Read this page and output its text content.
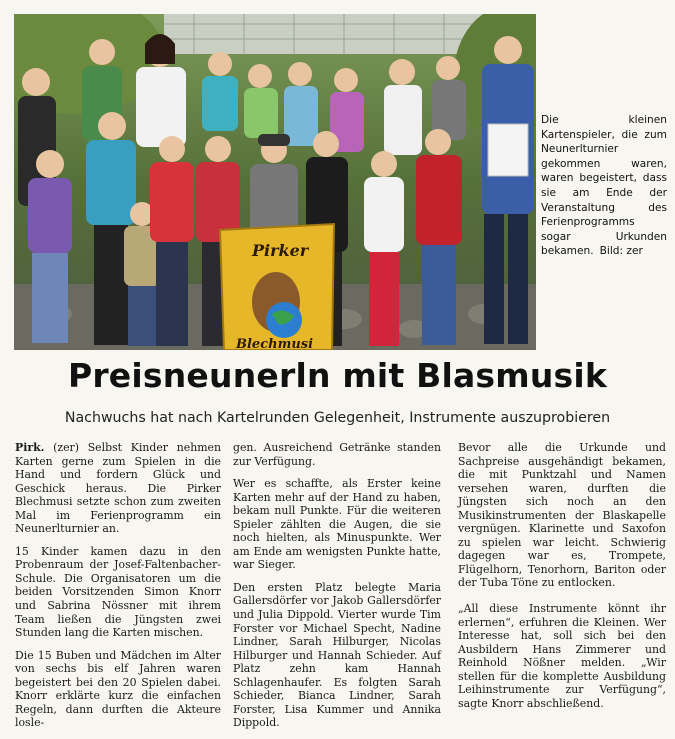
Pirker
Blechmusi
Die kleinen Kartenspieler, die zum Neunerlturnier gekommen waren, waren begeistert, dass sie am Ende der Veranstaltung des Ferienprogramms sogar Urkunden bekamen. Bild: zer
Preisneunerln mit Blasmusik
Nachwuchs hat nach Kartelrunden Gelegenheit, Instrumente auszuprobieren

Pirk. (zer) Selbst Kinder nehmen Karten gerne zum Spielen in die Hand und fordern Glück und Geschick heraus. Die Pirker Blechmusi setzte schon zum zweiten Mal im Ferienprogramm ein Neunerlturnier an.

15 Kinder kamen dazu in den Probenraum der Josef-Faltenbacher-Schule. Die Organisatoren um die beiden Vorsitzenden Simon Knorr und Sabrina Nössner mit ihrem Team ließen die Jüngsten zwei Stunden lang die Karten mischen.

Die 15 Buben und Mädchen im Alter von sechs bis elf Jahren waren begeistert bei den 20 Spielen dabei. Knorr erklärte kurz die einfachen Regeln, dann durften die Akteure losle-

gen. Ausreichend Getränke standen zur Verfügung.

Wer es schaffte, als Erster keine Karten mehr auf der Hand zu haben, bekam null Punkte. Für die weiteren Spieler zählten die Augen, die sie noch hielten, als Minuspunkte. Wer am Ende am wenigsten Punkte hatte, war Sieger.

Den ersten Platz belegte Maria Gallersdörfer vor Jakob Gallersdörfer und Julia Dippold. Vierter wurde Tim Forster vor Michael Specht, Nadine Lindner, Sarah Hilburger, Nicolas Hilburger und Hannah Schieder. Auf Platz zehn kam Hannah Schlagenhaufer. Es folgten Sarah Schieder, Bianca Lindner, Sarah Forster, Lisa Kummer und Annika Dippold.

Bevor alle die Urkunde und Sachpreise ausgehändigt bekamen, die mit Punktzahl und Namen versehen waren, durften die Jüngsten sich noch an den Musikinstrumenten der Blaskapelle vergnügen. Klarinette und Saxofon zu spielen war leicht. Schwierig dagegen war es, Trompete, Flügelhorn, Tenorhorn, Bariton oder der Tuba Töne zu entlocken.

„All diese Instrumente könnt ihr erlernen“, erfuhren die Kleinen. Wer Interesse hat, soll sich bei den Ausbildern Hans Zimmerer und Reinhold Nößner melden. „Wir stellen für die komplette Ausbildung Leihinstrumente zur Verfügung“, sagte Knorr abschließend.
